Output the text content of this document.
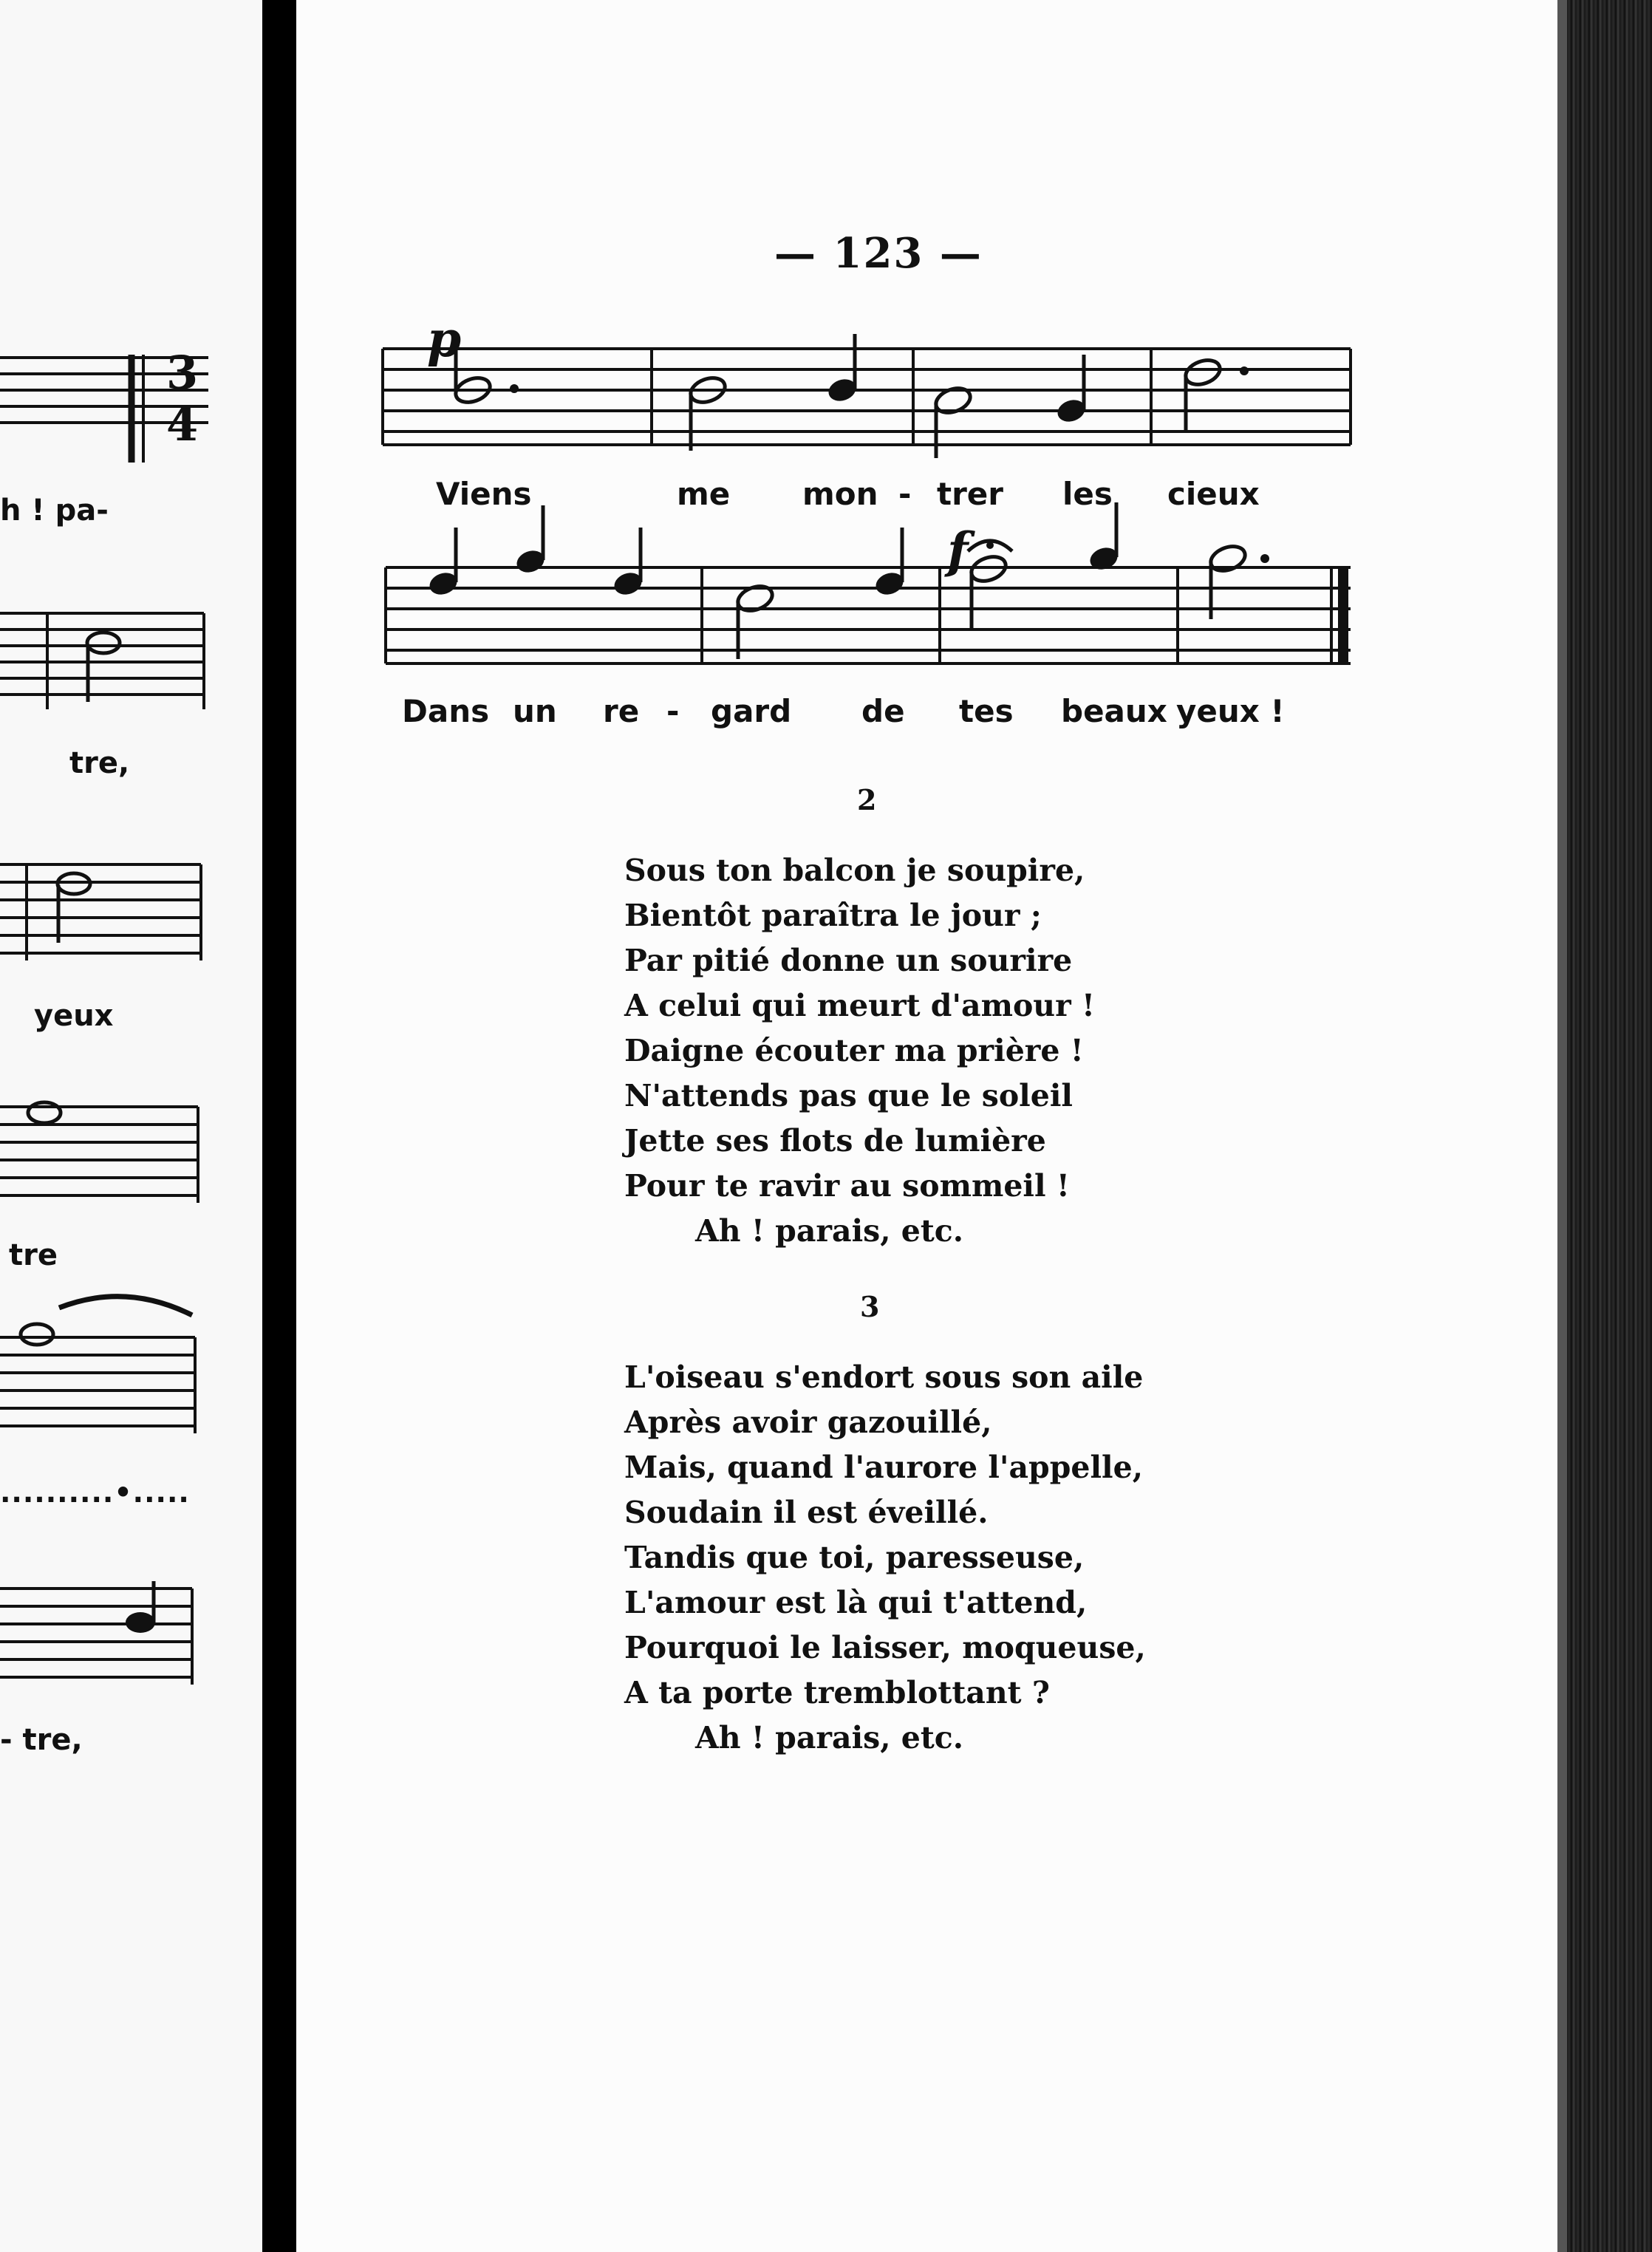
h ! pa-
tre,
yeux
tre
..........•.....
- tre,
3
4
— 123 —
p
f
Viens	me mon - trer les cieux
Dans un re - gard de tes beaux yeux !
2
Sous ton balcon je soupire,
Bientôt paraîtra le jour ;
Par pitié donne un sourire
A celui qui meurt d'amour !
Daigne écouter ma prière !
N'attends pas que le soleil
Jette ses flots de lumière
Pour te ravir au sommeil !
Ah ! parais, etc.
3
L'oiseau s'endort sous son aile
Après avoir gazouillé,
Mais, quand l'aurore l'appelle,
Soudain il est éveillé.
Tandis que toi, paresseuse,
L'amour est là qui t'attend,
Pourquoi le laisser, moqueuse,
A ta porte tremblottant ?
Ah ! parais, etc.
